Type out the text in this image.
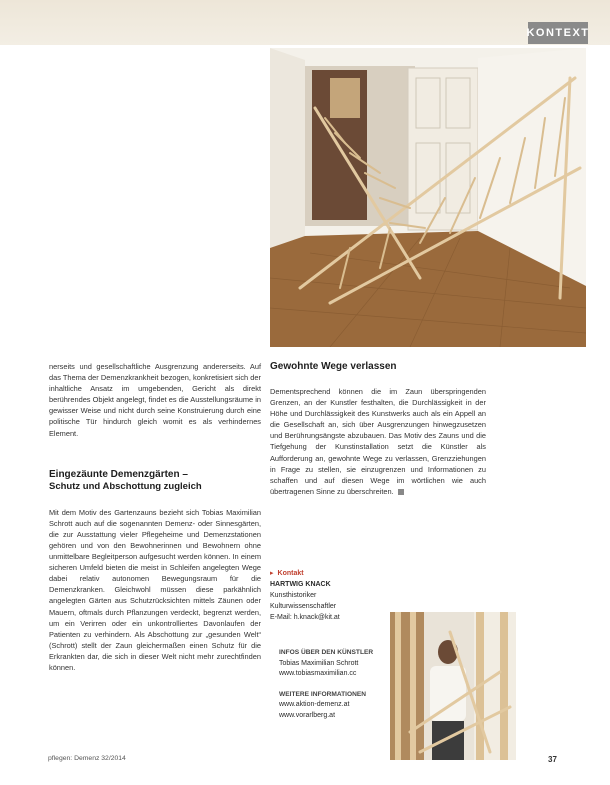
KONTEXT

nerseits und gesellschaftliche Ausgrenzung andererseits. Auf das Thema der Demenzkrankheit bezogen, konkretisiert sich der inhaltliche Ansatz im umgebenden, Gericht als direkt berührendes Objekt angelegt, findet es die Ausstellungsräume in gewisser Weise und nicht durch seine Konstruierung durch eine politische Tür hindurch gleich womit es als verhindernes Element.

Eingezäunte Demenzgärten –
Schutz und Abschottung zugleich

Mit dem Motiv des Gartenzauns bezieht sich Tobias Maximilian Schrott auch auf die sogenannten Demenz- oder Sinnesgärten, die zur Ausstattung vieler Pflegeheime und Demenzstationen gehören und von den Bewohnerinnen und Bewohnern ohne unmittelbare Begleitperson aufgesucht werden können. In einem sicheren Umfeld bieten die meist in Schleifen angelegten Wege dabei relativ autonomen Bewegungsraum für die Demenzkranken. Gleichwohl müssen diese parkähnlich angelegten Gärten aus Schutzrücksichten mittels Zäunen oder Mauern, oftmals durch Pflanzungen verdeckt, begrenzt werden, um ein Verirren oder ein unkontrolliertes Davonlaufen der Patienten zu verhindern. Als Abschottung zur „gesunden Welt“ (Schrott) stellt der Zaun gleichermaßen einen Schutz für die Erkrankten dar, die sich in dieser Welt nicht mehr zurechtfinden können.

Gewohnte Wege verlassen

Dementsprechend können die im Zaun überspringenden Grenzen, an der Kunstler festhalten, die Durchlässigkeit in der Höhe und Durchlässigkeit des Kunstwerks auch als ein Appell an die Gesellschaft an, sich über Ausgrenzungen hinwegzusetzen und Berührungsängste abzubauen. Das Motiv des Zauns und die Tiefgehung der Kunstinstallation setzt die Künstler als Aufforderung an, gewohnte Wege zu verlassen, Grenzziehungen in Frage zu stellen, sie einzugrenzen und Informationen zu schaffen und auf diesen Wege im wörtlichen wie auch übertragenen Sinne zu überschreiten.

▸ Kontakt
HARTWIG KNACK
Kunsthistoriker
Kulturwissenschaftler
E-Mail: h.knack@kit.at
INFOS ÜBER DEN KÜNSTLER
Tobias Maximilian Schrott
www.tobiasmaximilian.cc
WEITERE INFORMATIONEN
www.aktion-demenz.at
www.vorarlberg.at
pflegen: Demenz 32/2014	37
